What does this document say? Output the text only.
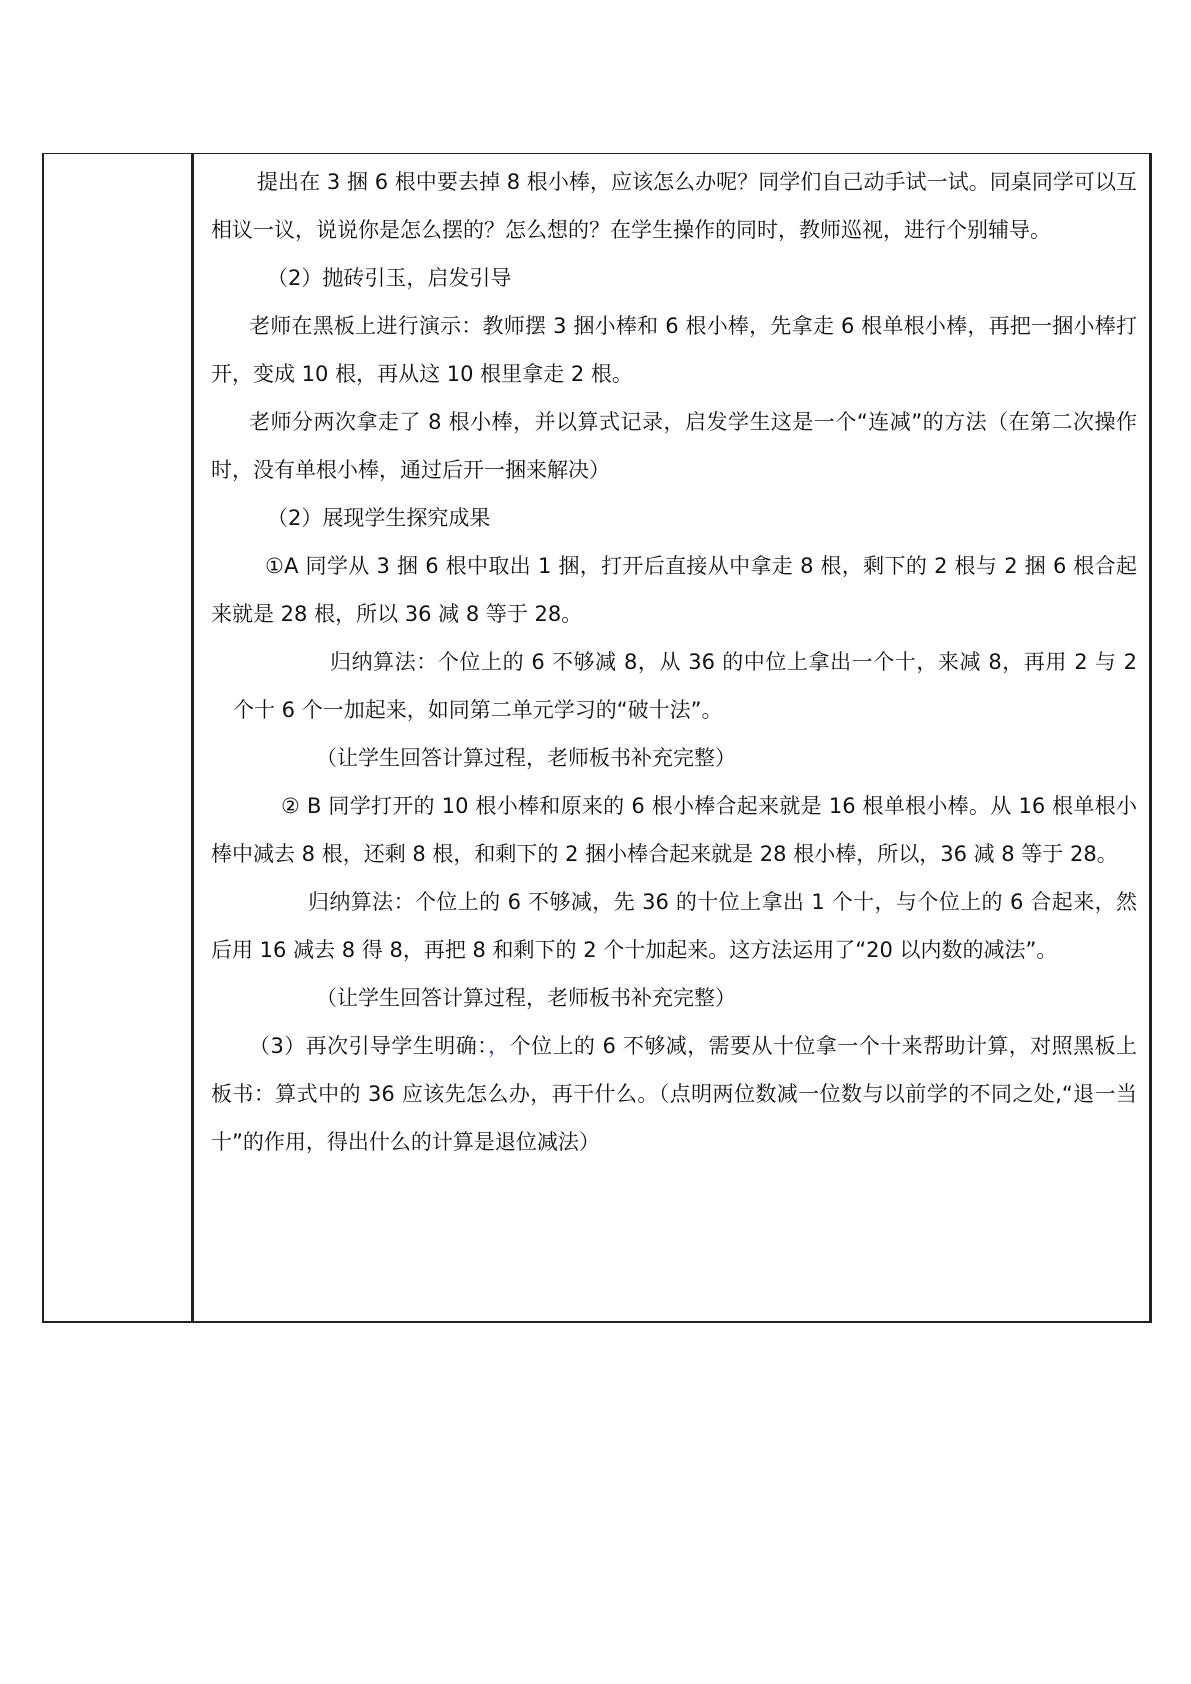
提出在 3 捆 6 根中要去掉 8 根小棒，应该怎么办呢？同学们自己动手试一试。同桌同学可以互相议一议，说说你是怎么摆的？怎么想的？在学生操作的同时，教师巡视，进行个别辅导。

（2）抛砖引玉，启发引导

老师在黑板上进行演示：教师摆 3 捆小棒和 6 根小棒，先拿走 6 根单根小棒，再把一捆小棒打开，变成 10 根，再从这 10 根里拿走 2 根。

老师分两次拿走了 8 根小棒，并以算式记录，启发学生这是一个“连减”的方法（在第二次操作时，没有单根小棒，通过后开一捆来解决）

（2）展现学生探究成果

①A 同学从 3 捆 6 根中取出 1 捆，打开后直接从中拿走 8 根，剩下的 2 根与 2 捆 6 根合起来就是 28 根，所以 36 减 8 等于 28。

归纳算法：个位上的 6 不够减 8，从 36 的中位上拿出一个十，来减 8，再用 2 与 2 个十 6 个一加起来，如同第二单元学习的“破十法”。

（让学生回答计算过程，老师板书补充完整）

② B 同学打开的 10 根小棒和原来的 6 根小棒合起来就是 16 根单根小棒。从 16 根单根小棒中减去 8 根，还剩 8 根，和剩下的 2 捆小棒合起来就是 28 根小棒，所以，36 减 8 等于 28。

归纳算法：个位上的 6 不够减，先 36 的十位上拿出 1 个十，与个位上的 6 合起来，然后用 16 减去 8 得 8，再把 8 和剩下的 2 个十加起来。这方法运用了“20 以内数的减法”。

（让学生回答计算过程，老师板书补充完整）

（3）再次引导学生明确：，个位上的 6 不够减，需要从十位拿一个十来帮助计算，对照黑板上板书：算式中的 36 应该先怎么办，再干什么。（点明两位数减一位数与以前学的不同之处,“退一当十”的作用，得出什么的计算是退位减法）
